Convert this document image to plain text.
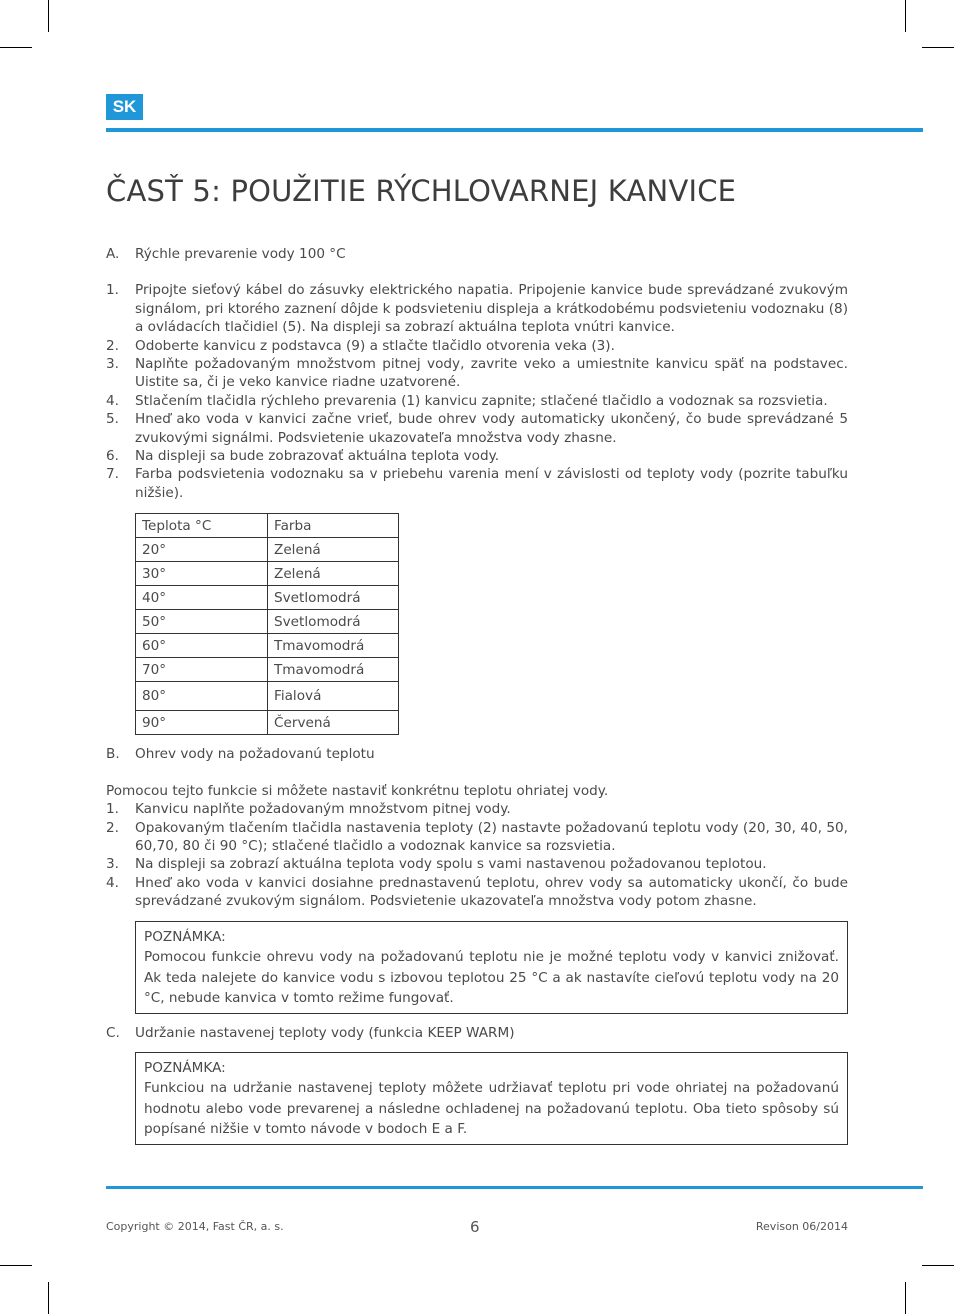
SK
ČASŤ 5: POUŽITIE RÝCHLOVARNEJ KANVICE
A.	Rýchle prevarenie vody 100 °C
1.	Pripojte sieťový kábel do zásuvky elektrického napatia. Pripojenie kanvice bude sprevádzané zvukovým signálom, pri ktorého zaznení dôjde k podsvieteniu displeja a krátkodobému podsvieteniu vodoznaku (8) a ovládacích tlačidiel (5). Na displeji sa zobrazí aktuálna teplota vnútri kanvice.
2.	Odoberte kanvicu z podstavca (9) a stlačte tlačidlo otvorenia veka (3).
3.	Naplňte požadovaným množstvom pitnej vody, zavrite veko a umiestnite kanvicu späť na podstavec. Uistite sa, či je veko kanvice riadne uzatvorené.
4.	Stlačením tlačidla rýchleho prevarenia (1) kanvicu zapnite; stlačené tlačidlo a vodoznak sa rozsvietia.
5.	Hneď ako voda v kanvici začne vrieť, bude ohrev vody automaticky ukončený, čo bude sprevádzané 5 zvukovými signálmi. Podsvietenie ukazovateľa množstva vody zhasne.
6.	Na displeji sa bude zobrazovať aktuálna teplota vody.
7.	Farba podsvietenia vodoznaku sa v priebehu varenia mení v závislosti od teploty vody (pozrite tabuľku nižšie).
Teplota °C	Farba
20°	Zelená
30°	Zelená
40°	Svetlomodrá
50°	Svetlomodrá
60°	Tmavomodrá
70°	Tmavomodrá
80°	Fialová
90°	Červená
B.	Ohrev vody na požadovanú teplotu
Pomocou tejto funkcie si môžete nastaviť konkrétnu teplotu ohriatej vody.
1.	Kanvicu naplňte požadovaným množstvom pitnej vody.
2.	Opakovaným tlačením tlačidla nastavenia teploty (2) nastavte požadovanú teplotu vody (20, 30, 40, 50, 60,70, 80 či 90 °C); stlačené tlačidlo a vodoznak kanvice sa rozsvietia.
3.	Na displeji sa zobrazí aktuálna teplota vody spolu s vami nastavenou požadovanou teplotou.
4.	Hneď ako voda v kanvici dosiahne prednastavenú teplotu, ohrev vody sa automaticky ukončí, čo bude sprevádzané zvukovým signálom. Podsvietenie ukazovateľa množstva vody potom zhasne.
POZNÁMKA:
Pomocou funkcie ohrevu vody na požadovanú teplotu nie je možné teplotu vody v kanvici znižovať. Ak teda nalejete do kanvice vodu s izbovou teplotou 25 °C a ak nastavíte cieľovú teplotu vody na 20 °C, nebude kanvica v tomto režime fungovať.
C.	Udržanie nastavenej teploty vody (funkcia KEEP WARM)
POZNÁMKA:
Funkciou na udržanie nastavenej teploty môžete udržiavať teplotu pri vode ohriatej na požadovanú hodnotu alebo vode prevarenej a následne ochladenej na požadovanú teplotu. Oba tieto spôsoby sú popísané nižšie v tomto návode v bodoch E a F.
Copyright © 2014, Fast ČR, a. s.	6	Revison 06/2014
